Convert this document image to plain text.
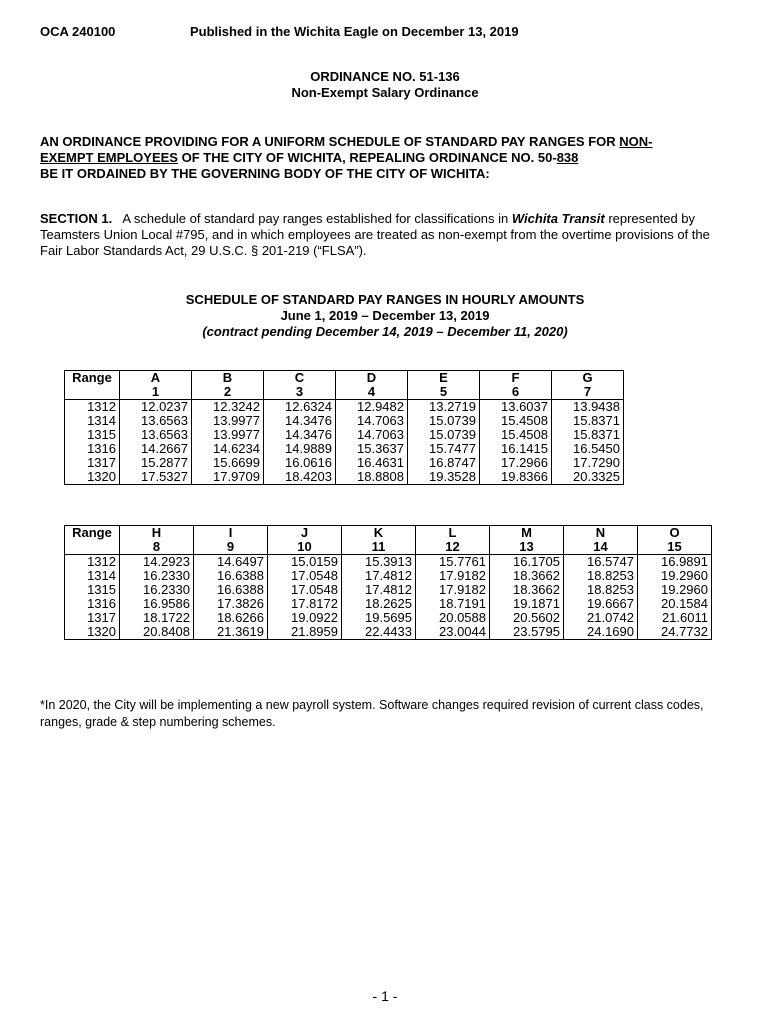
OCA 240100	Published in the Wichita Eagle on December 13, 2019
ORDINANCE NO. 51-136
Non-Exempt Salary Ordinance
AN ORDINANCE PROVIDING FOR A UNIFORM SCHEDULE OF STANDARD PAY RANGES FOR NON-
EXEMPT EMPLOYEES OF THE CITY OF WICHITA, REPEALING ORDINANCE NO. 50-838
BE IT ORDAINED BY THE GOVERNING BODY OF THE CITY OF WICHITA:
SECTION 1.   A schedule of standard pay ranges established for classifications in Wichita Transit represented by Teamsters Union Local #795, and in which employees are treated as non-exempt from the overtime provisions of the Fair Labor Standards Act, 29 U.S.C. § 201-219 (“FLSA”).
SCHEDULE OF STANDARD PAY RANGES IN HOURLY AMOUNTS
June 1, 2019 – December 13, 2019
(contract pending December 14, 2019 – December 11, 2020)
Range	A	B	C	D	E	F	G
	1	2	3	4	5	6	7
1312	12.0237	12.3242	12.6324	12.9482	13.2719	13.6037	13.9438
1314	13.6563	13.9977	14.3476	14.7063	15.0739	15.4508	15.8371
1315	13.6563	13.9977	14.3476	14.7063	15.0739	15.4508	15.8371
1316	14.2667	14.6234	14.9889	15.3637	15.7477	16.1415	16.5450
1317	15.2877	15.6699	16.0616	16.4631	16.8747	17.2966	17.7290
1320	17.5327	17.9709	18.4203	18.8808	19.3528	19.8366	20.3325
Range	H	I	J	K	L	M	N	O
	8	9	10	11	12	13	14	15
1312	14.2923	14.6497	15.0159	15.3913	15.7761	16.1705	16.5747	16.9891
1314	16.2330	16.6388	17.0548	17.4812	17.9182	18.3662	18.8253	19.2960
1315	16.2330	16.6388	17.0548	17.4812	17.9182	18.3662	18.8253	19.2960
1316	16.9586	17.3826	17.8172	18.2625	18.7191	19.1871	19.6667	20.1584
1317	18.1722	18.6266	19.0922	19.5695	20.0588	20.5602	21.0742	21.6011
1320	20.8408	21.3619	21.8959	22.4433	23.0044	23.5795	24.1690	24.7732
*In 2020, the City will be implementing a new payroll system. Software changes required revision of current class codes, ranges, grade & step numbering schemes.
- 1 -
